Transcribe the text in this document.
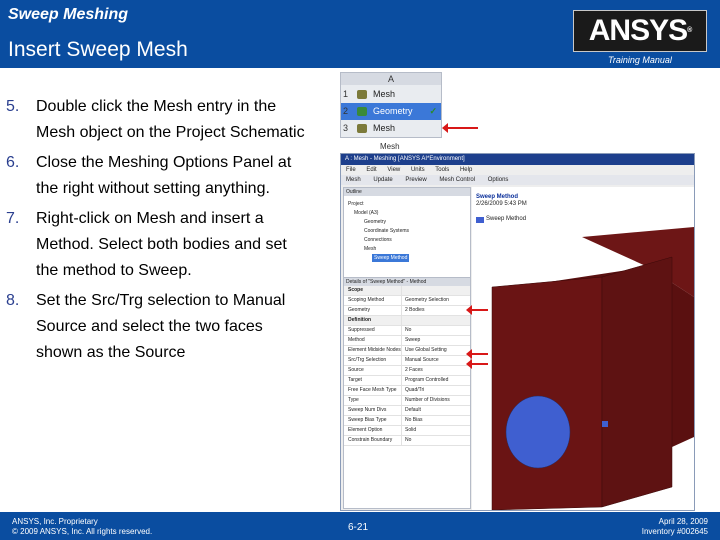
Sweep Meshing
Insert Sweep Mesh
ANSYS®
Training Manual
5.	Double click the Mesh entry in the Mesh object on the Project Schematic
6.	Close the Meshing Options Panel at the right without setting anything.
7.	Right-click on Mesh and insert a Method. Select both bodies and set the method to Sweep.
8.	Set the Src/Trg selection to Manual Source and select the two faces shown as the Source
A
1	Mesh
2	Geometry ✓
3	Mesh
Mesh
A : Mesh - Meshing [ANSYS AI*Environment]
File Edit View Units Tools Help
Mesh Update Preview Mesh Control Options
Outline
Project
Model (A3)
Geometry
Coordinate Systems
Connections
Mesh
Sweep Method
Details of "Sweep Method" - Method
Scope
Scoping Method	Geometry Selection
Geometry	2 Bodies
Definition
Suppressed	No
Method	Sweep
Element Midside Nodes Use Global Setting
Src/Trg Selection	Manual Source
Source	2 Faces
Target	Program Controlled
Free Face Mesh Type	Quad/Tri
Type	Number of Divisions
Sweep Num Divs	Default
Sweep Bias Type	No Bias
Element Option	Solid
Constrain Boundary	No
Sweep Method
2/26/2009 5:43 PM
Sweep Method
ANSYS, Inc. Proprietary
© 2009 ANSYS, Inc. All rights reserved.	6-21
April 28, 2009
Inventory #002645
